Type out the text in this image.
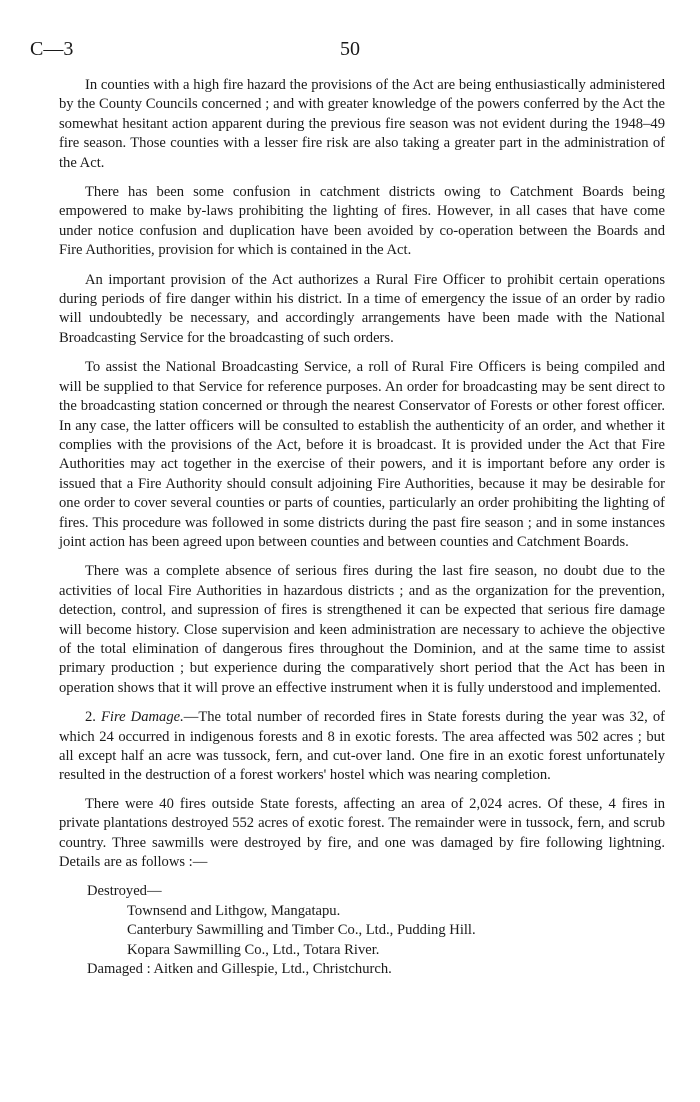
C—3	50

In counties with a high fire hazard the provisions of the Act are being enthusiastically administered by the County Councils concerned ; and with greater knowledge of the powers conferred by the Act the somewhat hesitant action apparent during the previous fire season was not evident during the 1948–49 fire season. Those counties with a lesser fire risk are also taking a greater part in the administration of the Act.

There has been some confusion in catchment districts owing to Catchment Boards being empowered to make by-laws prohibiting the lighting of fires. However, in all cases that have come under notice confusion and duplication have been avoided by co-operation between the Boards and Fire Authorities, provision for which is contained in the Act.

An important provision of the Act authorizes a Rural Fire Officer to prohibit certain operations during periods of fire danger within his district. In a time of emergency the issue of an order by radio will undoubtedly be necessary, and accordingly arrangements have been made with the National Broadcasting Service for the broadcasting of such orders.

To assist the National Broadcasting Service, a roll of Rural Fire Officers is being compiled and will be supplied to that Service for reference purposes. An order for broadcasting may be sent direct to the broadcasting station concerned or through the nearest Conservator of Forests or other forest officer. In any case, the latter officers will be consulted to establish the authenticity of an order, and whether it complies with the provisions of the Act, before it is broadcast. It is provided under the Act that Fire Authorities may act together in the exercise of their powers, and it is important before any order is issued that a Fire Authority should consult adjoining Fire Authorities, because it may be desirable for one order to cover several counties or parts of counties, particularly an order prohibiting the lighting of fires. This procedure was followed in some districts during the past fire season ; and in some instances joint action has been agreed upon between counties and between counties and Catchment Boards.

There was a complete absence of serious fires during the last fire season, no doubt due to the activities of local Fire Authorities in hazardous districts ; and as the organization for the prevention, detection, control, and supression of fires is strengthened it can be expected that serious fire damage will become history. Close supervision and keen administration are necessary to achieve the objective of the total elimination of dangerous fires throughout the Dominion, and at the same time to assist primary production ; but experience during the comparatively short period that the Act has been in operation shows that it will prove an effective instrument when it is fully understood and implemented.

2. Fire Damage.—The total number of recorded fires in State forests during the year was 32, of which 24 occurred in indigenous forests and 8 in exotic forests. The area affected was 502 acres ; but all except half an acre was tussock, fern, and cut-over land. One fire in an exotic forest unfortunately resulted in the destruction of a forest workers' hostel which was nearing completion.

There were 40 fires outside State forests, affecting an area of 2,024 acres. Of these, 4 fires in private plantations destroyed 552 acres of exotic forest. The remainder were in tussock, fern, and scrub country. Three sawmills were destroyed by fire, and one was damaged by fire following lightning. Details are as follows :—

Destroyed—
Townsend and Lithgow, Mangatapu.
Canterbury Sawmilling and Timber Co., Ltd., Pudding Hill.
Kopara Sawmilling Co., Ltd., Totara River.
Damaged : Aitken and Gillespie, Ltd., Christchurch.
